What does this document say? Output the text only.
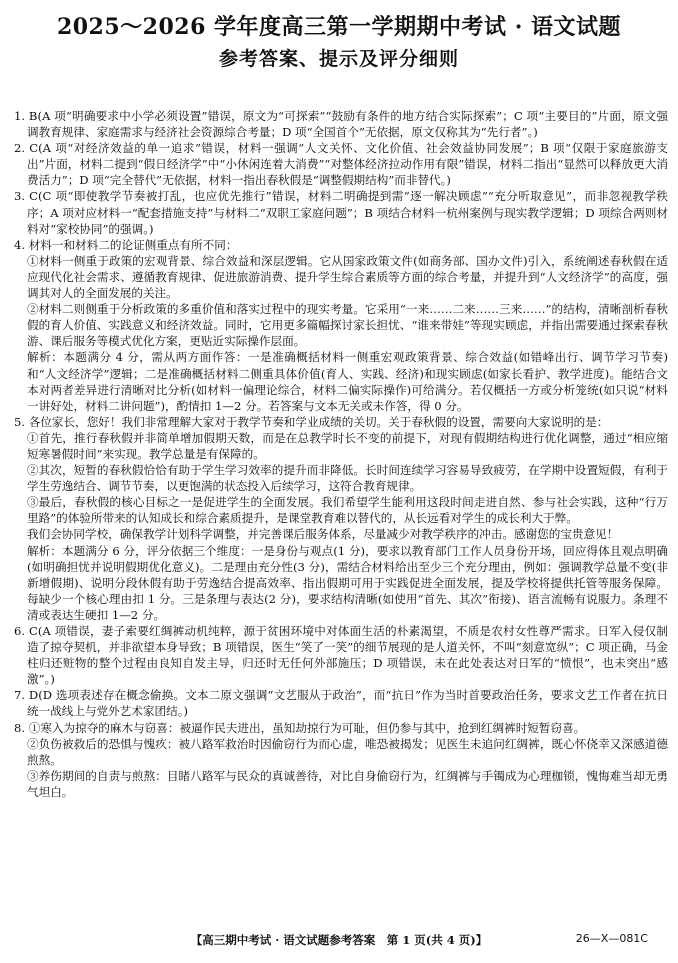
2025～2026 学年度高三第一学期期中考试 · 语文试题
参考答案、提示及评分细则

1. B(A 项“明确要求中小学必须设置”错误，原文为“可探索”“鼓励有条件的地方结合实际探索”；C 项“主要目的”片面，原文强调教育规律、家庭需求与经济社会资源综合考量；D 项“全国首个”无依据，原文仅称其为“先行者”。)

2. C(A 项“对经济效益的单一追求”错误，材料一强调“人文关怀、文化价值、社会效益协同发展”；B 项“仅限于家庭旅游支出”片面，材料二提到“假日经济学”中“小休闲连着大消费”“对整体经济拉动作用有限”错误，材料二指出“显然可以释放更大消费活力”；D 项“完全替代”无依据，材料一指出春秋假是“调整假期结构”而非替代。)

3. C(C 项“即使教学节奏被打乱，也应优先推行”错误，材料二明确提到需“逐一解决顾虑”“充分听取意见”，而非忽视教学秩序；A 项对应材料一“配套措施支持”与材料二“双职工家庭问题”；B 项结合材料一杭州案例与现实教学逻辑；D 项综合两则材料对“家校协同”的强调。)

4. 材料一和材料二的论证侧重点有所不同：

①材料一侧重于政策的宏观背景、综合效益和深层逻辑。它从国家政策文件(如商务部、国办文件)引入，系统阐述春秋假在适应现代化社会需求、遵循教育规律、促进旅游消费、提升学生综合素质等方面的综合考量，并提升到“人文经济学”的高度，强调其对人的全面发展的关注。

②材料二则侧重于分析政策的多重价值和落实过程中的现实考量。它采用“一来……二来……三来……”的结构，清晰剖析春秋假的育人价值、实践意义和经济效益。同时，它用更多篇幅探讨家长担忧、“谁来带娃”等现实顾虑，并指出需要通过探索春秋游、课后服务等模式优化方案，更贴近实际操作层面。

解析：本题满分 4 分，需从两方面作答：一是准确概括材料一侧重宏观政策背景、综合效益(如错峰出行、调节学习节奏)和“人文经济学”逻辑；二是准确概括材料二侧重具体价值(育人、实践、经济)和现实顾虑(如家长看护、教学进度)。能结合文本对两者差异进行清晰对比分析(如材料一偏理论综合，材料二偏实际操作)可给满分。若仅概括一方或分析笼统(如只说“材料一讲好处，材料二讲问题”)，酌情扣 1—2 分。若答案与文本无关或未作答，得 0 分。

5. 各位家长，您好！我们非常理解大家对于教学节奏和学业成绩的关切。关于春秋假的设置，需要向大家说明的是：

①首先，推行春秋假并非简单增加假期天数，而是在总教学时长不变的前提下，对现有假期结构进行优化调整，通过“相应缩短寒暑假时间”来实现。教学总量是有保障的。

②其次，短暂的春秋假恰恰有助于学生学习效率的提升而非降低。长时间连续学习容易导致疲劳，在学期中设置短假，有利于学生劳逸结合、调节节奏，以更饱满的状态投入后续学习，这符合教育规律。

③最后，春秋假的核心目标之一是促进学生的全面发展。我们希望学生能利用这段时间走进自然、参与社会实践，这种“行万里路”的体验所带来的认知成长和综合素质提升，是课堂教育难以替代的，从长远看对学生的成长利大于弊。

我们会协同学校，确保教学计划科学调整，并完善课后服务体系，尽量减少对教学秩序的冲击。感谢您的宝贵意见！

解析：本题满分 6 分，评分依据三个维度：一是身份与观点(1 分)，要求以教育部门工作人员身份开场，回应得体且观点明确(如明确担忧并说明假期优化意义)。二是理由充分性(3 分)，需结合材料给出至少三个充分理由，例如：强调教学总量不变(非新增假期)、说明分段休假有助于劳逸结合提高效率、指出假期可用于实践促进全面发展，提及学校将提供托管等服务保障。每缺少一个核心理由扣 1 分。三是条理与表达(2 分)，要求结构清晰(如使用“首先、其次”衔接)、语言流畅有说服力。条理不清或表达生硬扣 1—2 分。

6. C(A 项错误，妻子索要红绸裤动机纯粹，源于贫困环境中对体面生活的朴素渴望，不质是农村女性尊严需求。日军入侵仅制造了掠夺契机，并非欲望本身导致；B 项错误，医生“笑了一笑”的细节展现的是人道关怀，不叫“刻意宽纵”；C 项正确，马金柱归还赃物的整个过程由良知自发主导，归还时无任何外部施压；D 项错误，未在此处表达对日军的“愤恨”，也未突出“感激”。)

7. D(D 选项表述存在概念偷换。文本二原文强调“文艺服从于政治”，而“抗日”作为当时首要政治任务，要求文艺工作者在抗日统一战线上与党外艺术家团结。)

8. ①寒入为掠夺的麻木与窃喜：被逼作民夫进出，虽知劫掠行为可耻，但仍参与其中，抢到红绸裤时短暂窃喜。

②负伤被救后的恐惧与愧疚：被八路军救治时因偷窃行为而心虚，唯恐被揭发；见医生未追问红绸裤，既心怀侥幸又深感道德煎熬。

③养伤期间的自责与煎熬：目睹八路军与民众的真诚善待，对比自身偷窃行为，红绸裤与手镯成为心理枷锁，愧悔难当却无勇气坦白。

【高三期中考试 · 语文试题参考答案　第 1 页(共 4 页)】	26—X—081C
